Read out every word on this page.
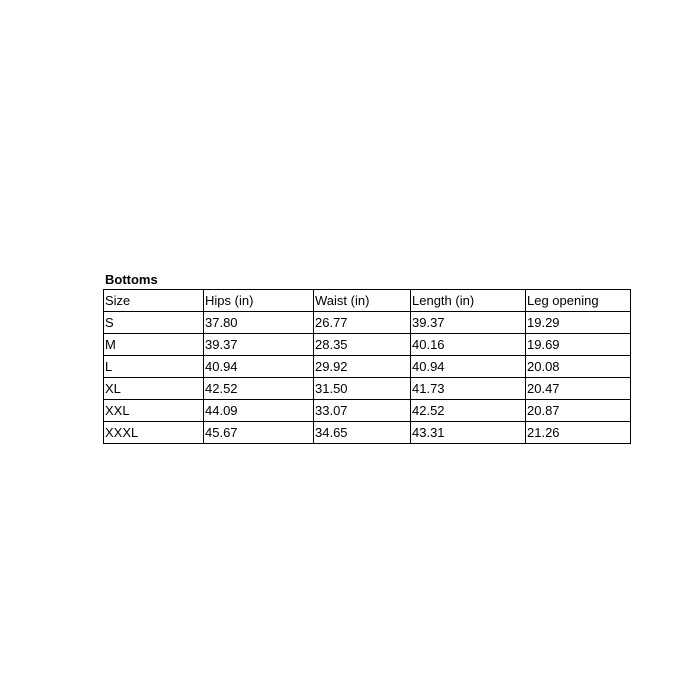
Bottoms
Size	Hips (in)	Waist (in)	Length (in)	Leg opening
S	37.80	26.77	39.37	19.29
M	39.37	28.35	40.16	19.69
L	40.94	29.92	40.94	20.08
XL	42.52	31.50	41.73	20.47
XXL	44.09	33.07	42.52	20.87
XXXL	45.67	34.65	43.31	21.26
